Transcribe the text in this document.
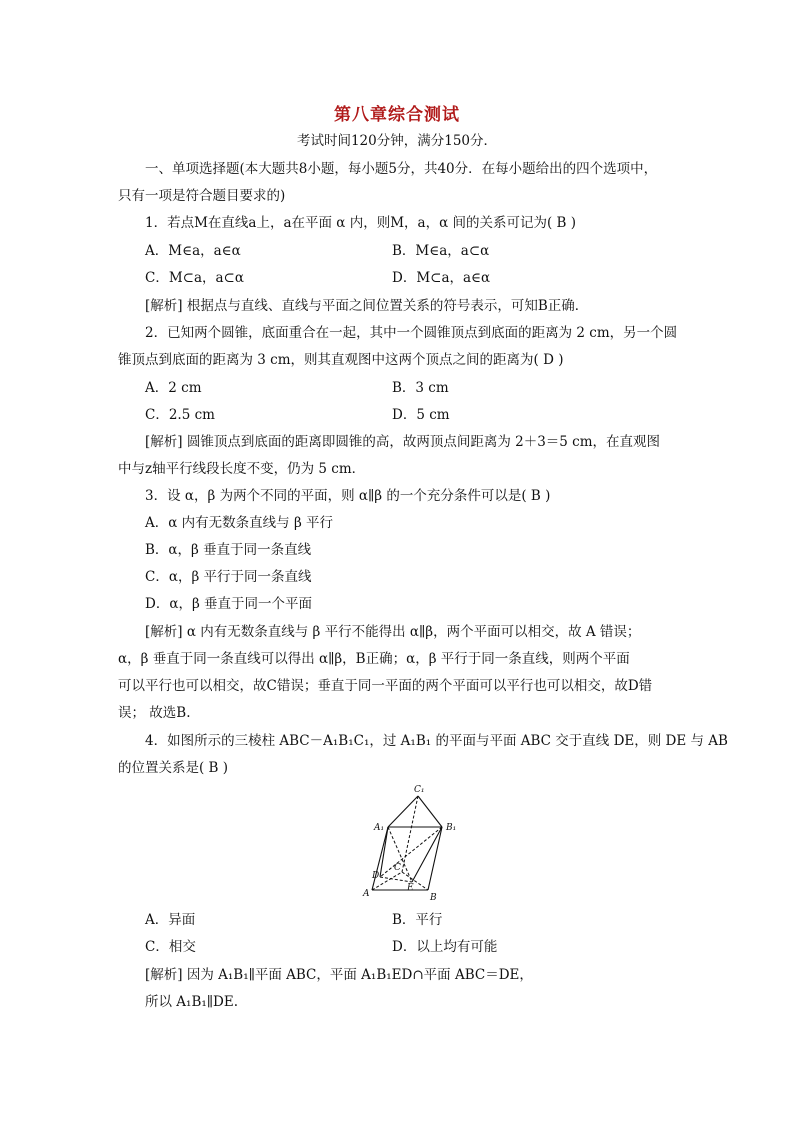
第八章综合测试
考试时间120分钟，满分150分．
一、单项选择题(本大题共8小题，每小题5分，共40分．在每小题给出的四个选项中，
只有一项是符合题目要求的)
1．若点M在直线a上，a在平面 α 内，则M，a，α 间的关系可记为( B )
A．M∈a，a∈α	B．M∈a，a⊂α
C．M⊂a，a⊂α	D．M⊂a，a∈α
[解析] 根据点与直线、直线与平面之间位置关系的符号表示，可知B正确．
2．已知两个圆锥，底面重合在一起，其中一个圆锥顶点到底面的距离为 2 cm，另一个圆
锥顶点到底面的距离为 3 cm，则其直观图中这两个顶点之间的距离为( D )
A．2 cm	B．3 cm
C．2.5 cm	D．5 cm
[解析] 圆锥顶点到底面的距离即圆锥的高，故两顶点间距离为 2＋3＝5 cm，在直观图
中与z轴平行线段长度不变，仍为 5 cm．
3．设 α，β 为两个不同的平面，则 α∥β 的一个充分条件可以是( B )
A．α 内有无数条直线与 β 平行
B．α，β 垂直于同一条直线
C．α，β 平行于同一条直线
D．α，β 垂直于同一个平面
[解析] α 内有无数条直线与 β 平行不能得出 α∥β，两个平面可以相交，故 A 错误；
α，β 垂直于同一条直线可以得出 α∥β，B正确；α，β 平行于同一条直线，则两个平面
可以平行也可以相交，故C错误；垂直于同一平面的两个平面可以平行也可以相交，故D错
误； 故选B.
4．如图所示的三棱柱 ABC－A₁B₁C₁，过 A₁B₁ 的平面与平面 ABC 交于直线 DE，则 DE 与 AB
的位置关系是( B )
C₁
A₁	B₁
C
D
E
A	B
A．异面	B．平行
C．相交	D．以上均有可能
[解析] 因为 A₁B₁∥平面 ABC，平面 A₁B₁ED∩平面 ABC＝DE，
所以 A₁B₁∥DE.
